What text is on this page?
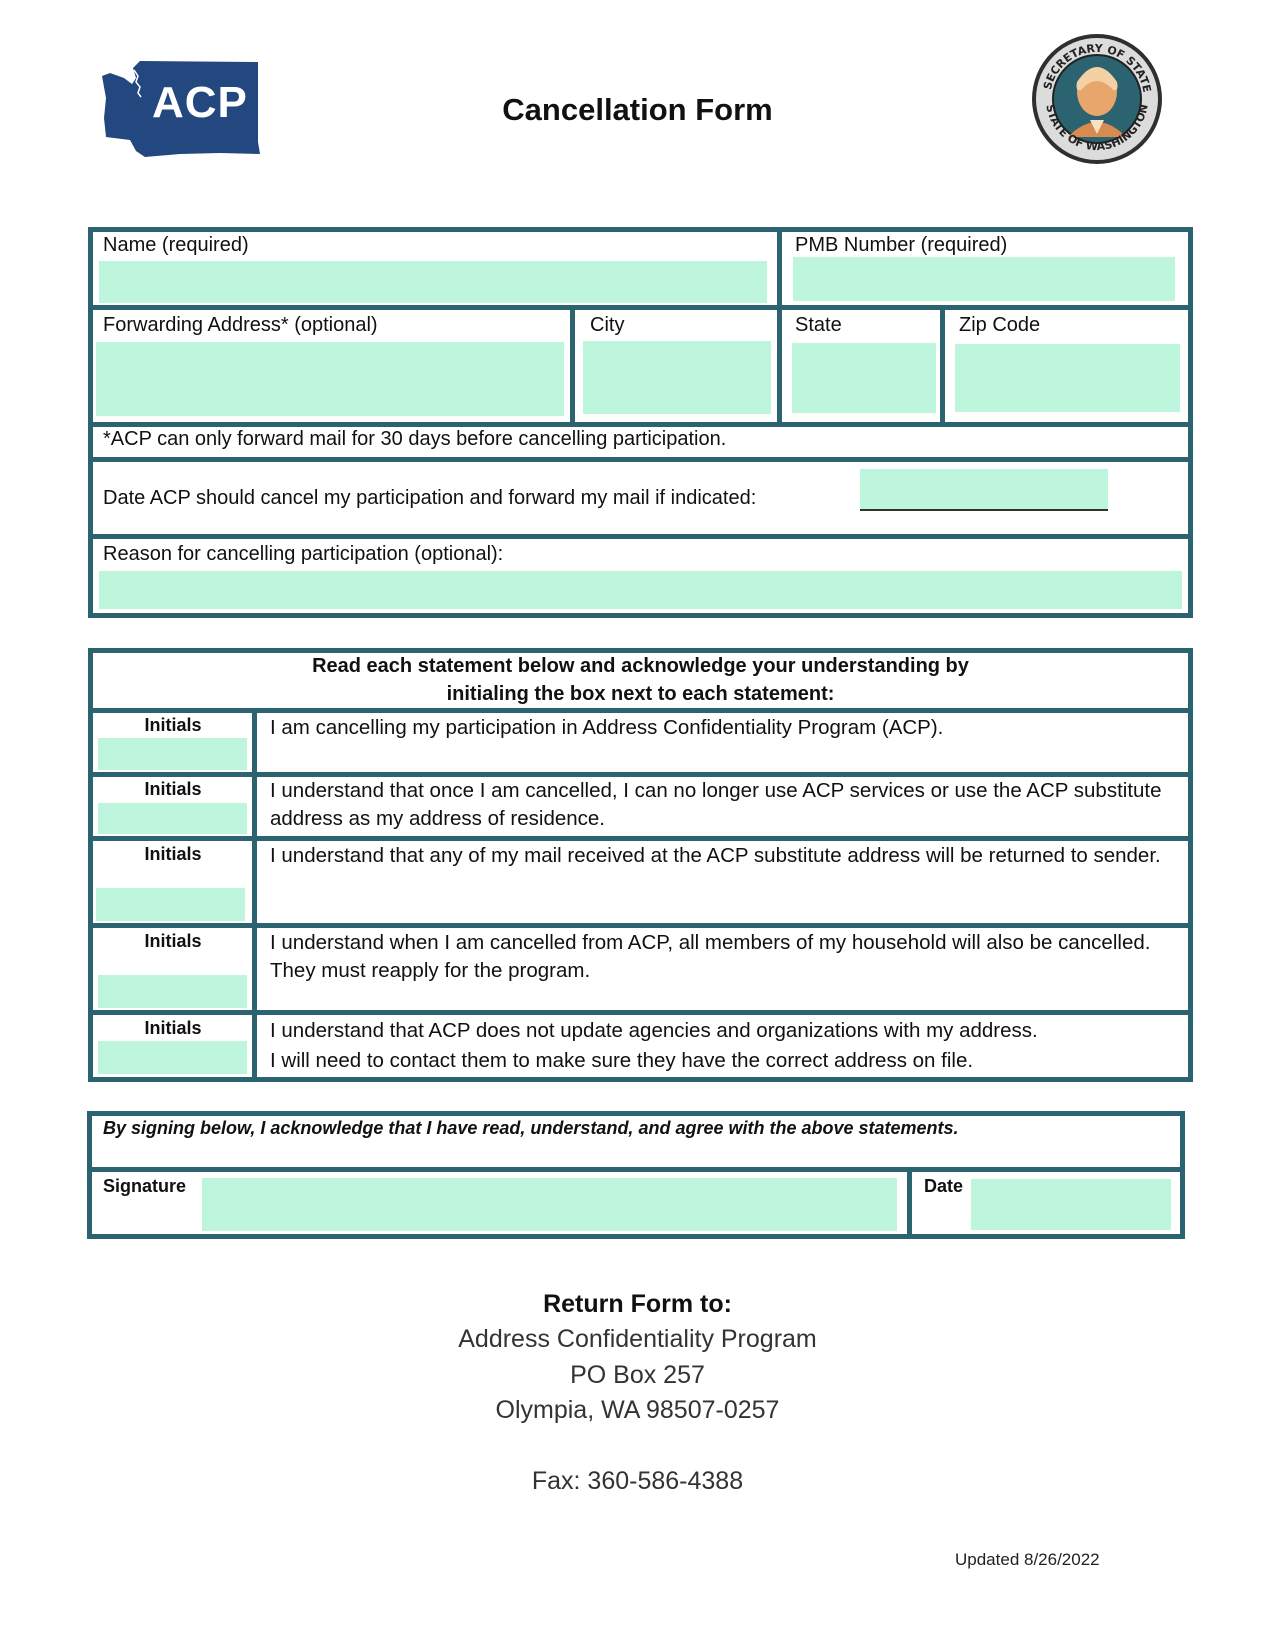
ACP	Cancellation Form
SECRETARY OF STATE
STATE OF WASHINGTON
Name (required)	PMB Number (required)
Forwarding Address* (optional)	City	State	Zip Code
*ACP can only forward mail for 30 days before cancelling participation.
Date ACP should cancel my participation and forward my mail if indicated:
Reason for cancelling participation (optional):
Read each statement below and acknowledge your understanding by
initialing the box next to each statement:
Initials	I am cancelling my participation in Address Confidentiality Program (ACP).
Initials	I understand that once I am cancelled, I can no longer use ACP services or use the ACP substitute address as my address of residence.
Initials	I understand that any of my mail received at the ACP substitute address will be returned to sender.
Initials	I understand when I am cancelled from ACP, all members of my household will also be cancelled. They must reapply for the program.
Initials	I understand that ACP does not update agencies and organizations with my address.
I will need to contact them to make sure they have the correct address on file.
By signing below, I acknowledge that I have read, understand, and agree with the above statements.
Signature	Date
Return Form to:
Address Confidentiality Program
PO Box 257
Olympia, WA 98507-0257
Fax: 360-586-4388
Updated 8/26/2022
